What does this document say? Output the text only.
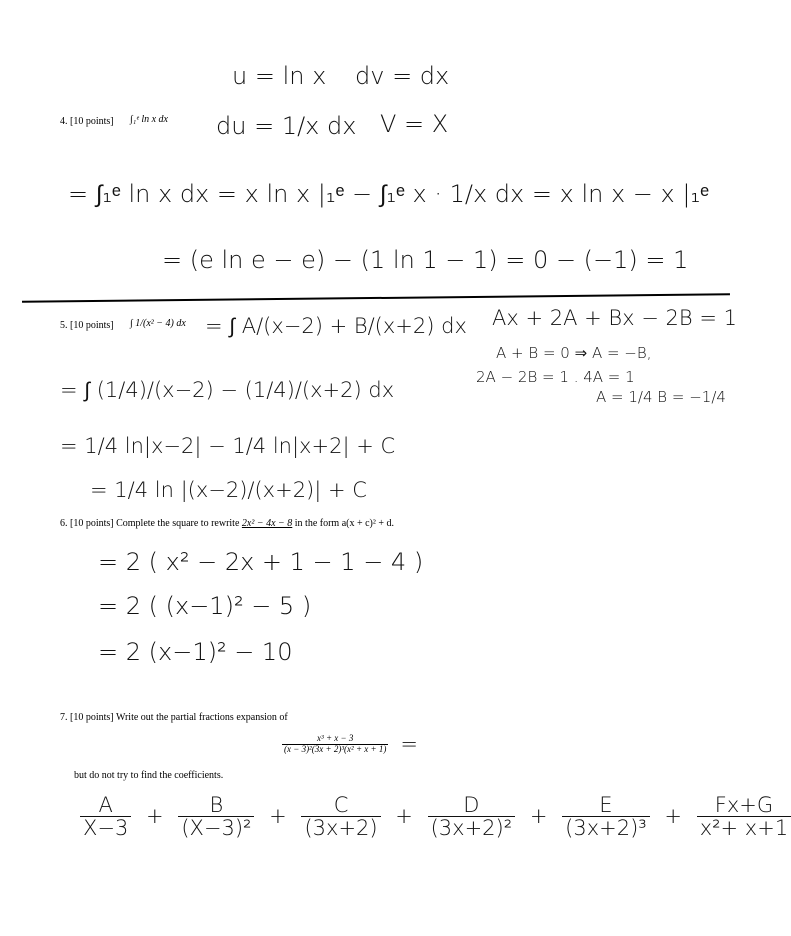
u = ln x dv = dx
4. [10 points] ∫₁ᵉ ln x dx du = 1/x dx V = X
= ∫₁ᵉ ln x dx = x ln x |₁ᵉ − ∫₁ᵉ x · 1/x dx = x ln x − x |₁ᵉ
= (e ln e − e) − (1 ln 1 − 1) = 0 − (−1) = 1
5. [10 points] ∫ 1/(x² − 4) dx = ∫ A/(x−2) + B/(x+2) dx Ax + 2A + Bx − 2B = 1
A + B = 0 ⇒ A = −B,
2A − 2B = 1 . 4A = 1
A = 1/4 B = −1/4
= ∫ (1/4)/(x−2) − (1/4)/(x+2) dx
= 1/4 ln|x−2| − 1/4 ln|x+2| + C
= 1/4 ln |(x−2)/(x+2)| + C
6. [10 points] Complete the square to rewrite 2x² − 4x − 8 in the form a(x + c)² + d.
= 2 ( x² − 2x + 1 − 1 − 4 )
= 2 ( (x−1)² − 5 )
= 2 (x−1)² − 10
7. [10 points] Write out the partial fractions expansion of
$\frac{\text{x³ + x − 3}}{\text{(x − 3)²(3x + 2)³(x² + x + 1)}}$ =
but do not try to find the coefficients.
$\frac{A}{X-3} + \frac{B}{\text{(X−3)²}} + \frac{C}{(3x+2)} + \frac{D}{\text{(3x+2)²}} + \frac{E}{\text{(3x+2)³}} + \frac{Fx+G}{\text{x²+ x+1}}$
